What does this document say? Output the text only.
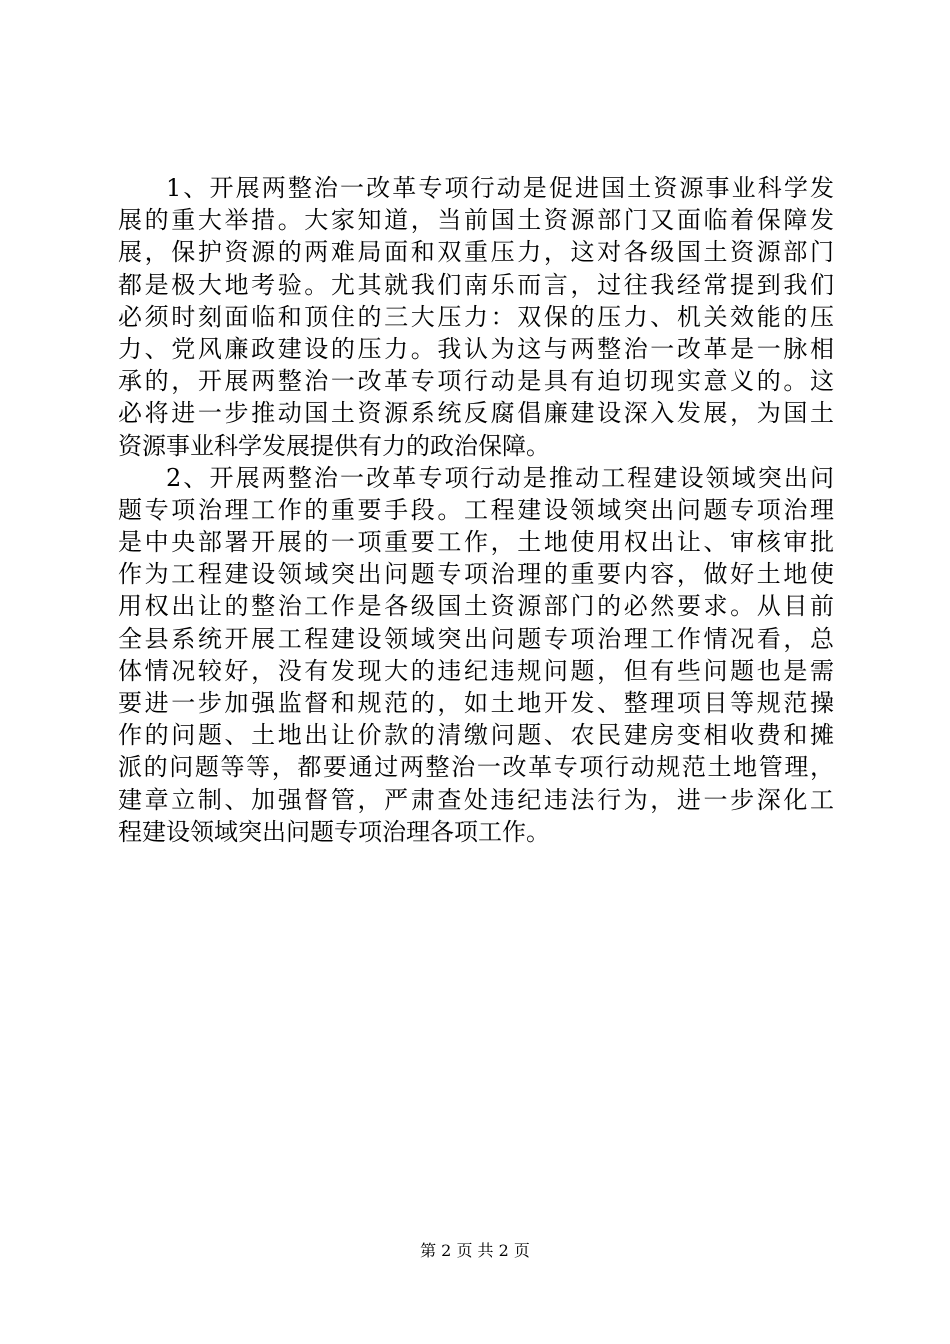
1、开展两整治一改革专项行动是促进国土资源事业科学发
展的重大举措。大家知道，当前国土资源部门又面临着保障发
展，保护资源的两难局面和双重压力，这对各级国土资源部门
都是极大地考验。尤其就我们南乐而言，过往我经常提到我们
必须时刻面临和顶住的三大压力：双保的压力、机关效能的压
力、党风廉政建设的压力。我认为这与两整治一改革是一脉相
承的，开展两整治一改革专项行动是具有迫切现实意义的。这
必将进一步推动国土资源系统反腐倡廉建设深入发展，为国土
资源事业科学发展提供有力的政治保障。
2、开展两整治一改革专项行动是推动工程建设领域突出问
题专项治理工作的重要手段。工程建设领域突出问题专项治理
是中央部署开展的一项重要工作，土地使用权出让、审核审批
作为工程建设领域突出问题专项治理的重要内容，做好土地使
用权出让的整治工作是各级国土资源部门的必然要求。从目前
全县系统开展工程建设领域突出问题专项治理工作情况看，总
体情况较好，没有发现大的违纪违规问题，但有些问题也是需
要进一步加强监督和规范的，如土地开发、整理项目等规范操
作的问题、土地出让价款的清缴问题、农民建房变相收费和摊
派的问题等等，都要通过两整治一改革专项行动规范土地管理，
建章立制、加强督管，严肃查处违纪违法行为，进一步深化工
程建设领域突出问题专项治理各项工作。
第 2 页 共 2 页
